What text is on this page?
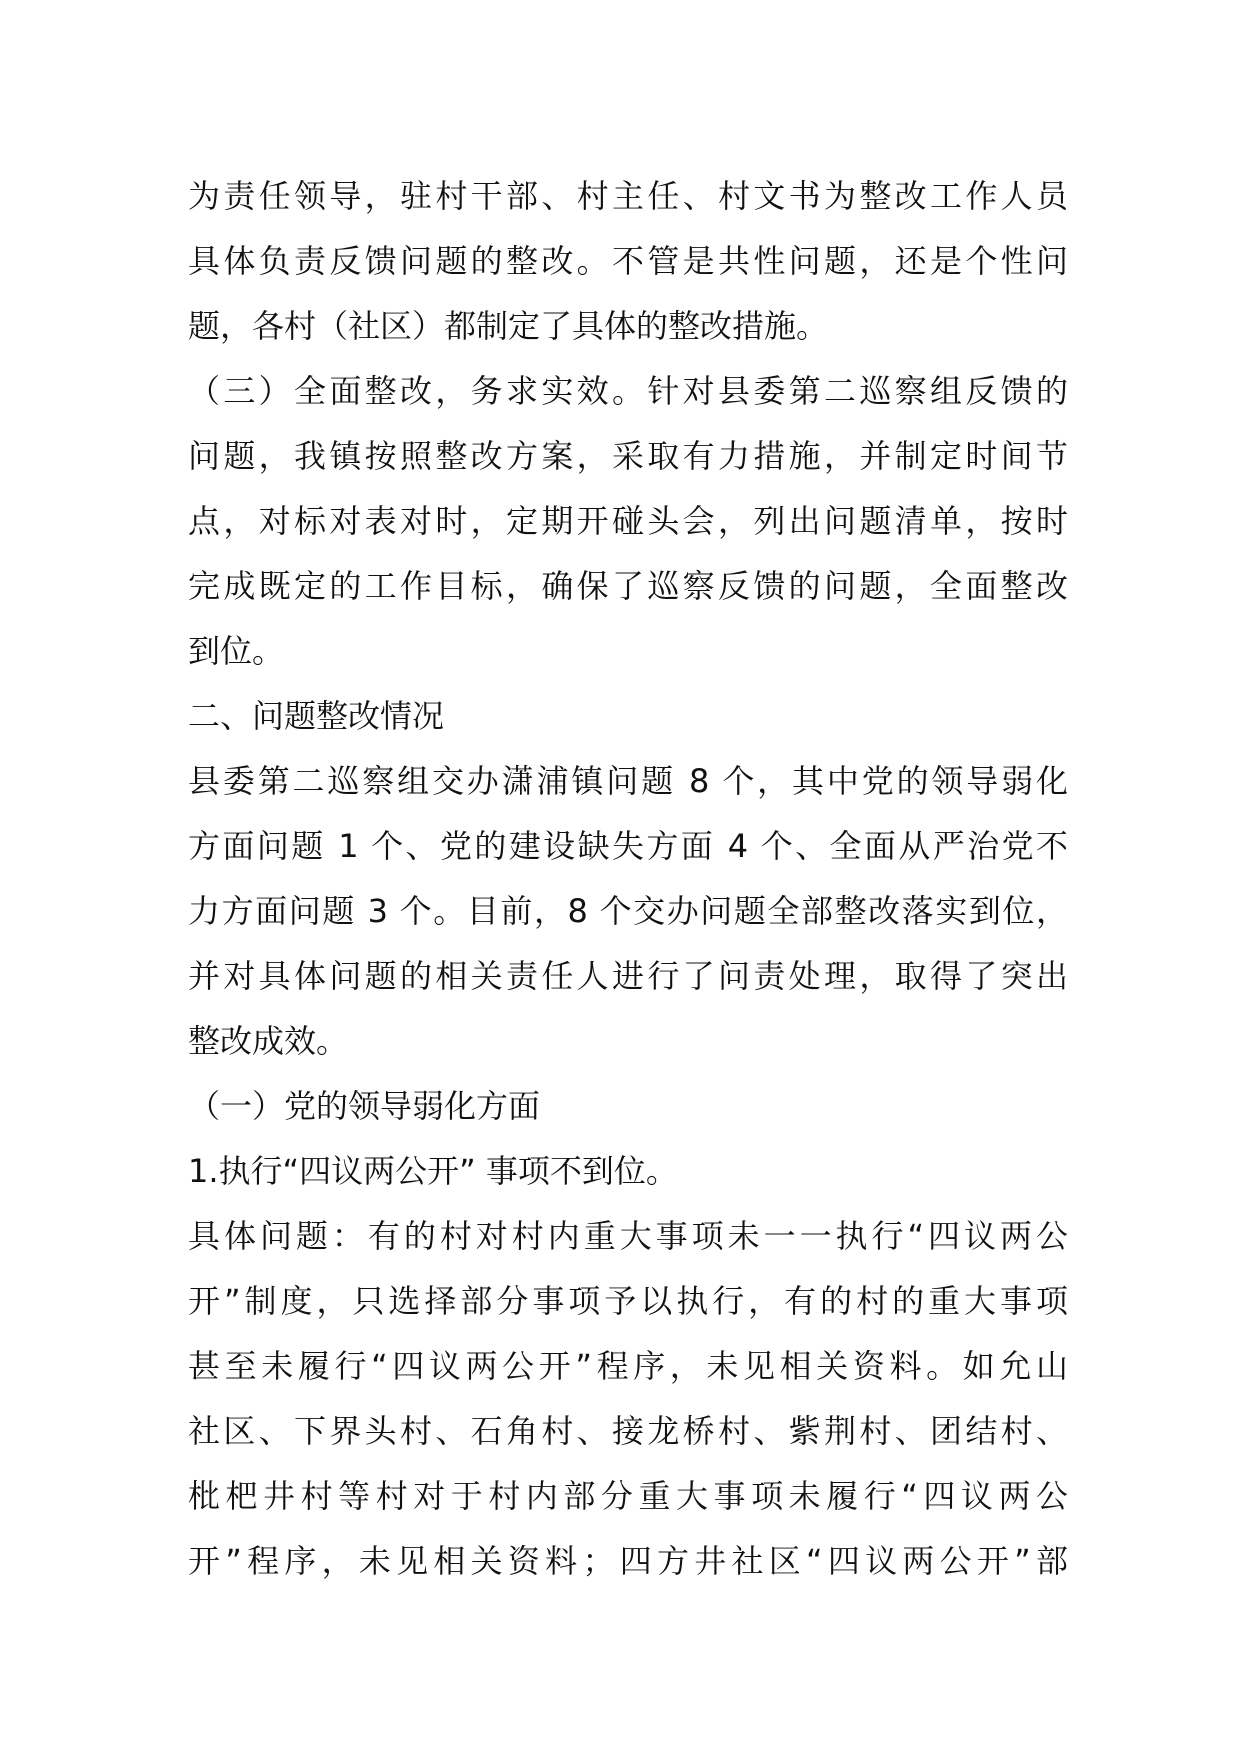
为责任领导，驻村干部、村主任、村文书为整改工作人员
具体负责反馈问题的整改。不管是共性问题，还是个性问
题，各村（社区）都制定了具体的整改措施。
（三）全面整改，务求实效。针对县委第二巡察组反馈的
问题，我镇按照整改方案，采取有力措施，并制定时间节
点，对标对表对时，定期开碰头会，列出问题清单，按时
完成既定的工作目标，确保了巡察反馈的问题，全面整改
到位。
二、问题整改情况
县委第二巡察组交办潇浦镇问题 8 个，其中党的领导弱化
方面问题 1 个、党的建设缺失方面 4 个、全面从严治党不
力方面问题 3 个。目前，8 个交办问题全部整改落实到位，
并对具体问题的相关责任人进行了问责处理，取得了突出
整改成效。
（一）党的领导弱化方面
1.执行“四议两公开” 事项不到位。
具体问题：有的村对村内重大事项未一一执行“四议两公
开”制度，只选择部分事项予以执行，有的村的重大事项
甚至未履行“四议两公开”程序，未见相关资料。如允山
社区、下界头村、石角村、接龙桥村、紫荆村、团结村、
枇杷井村等村对于村内部分重大事项未履行“四议两公
开”程序，未见相关资料；四方井社区“四议两公开”部
